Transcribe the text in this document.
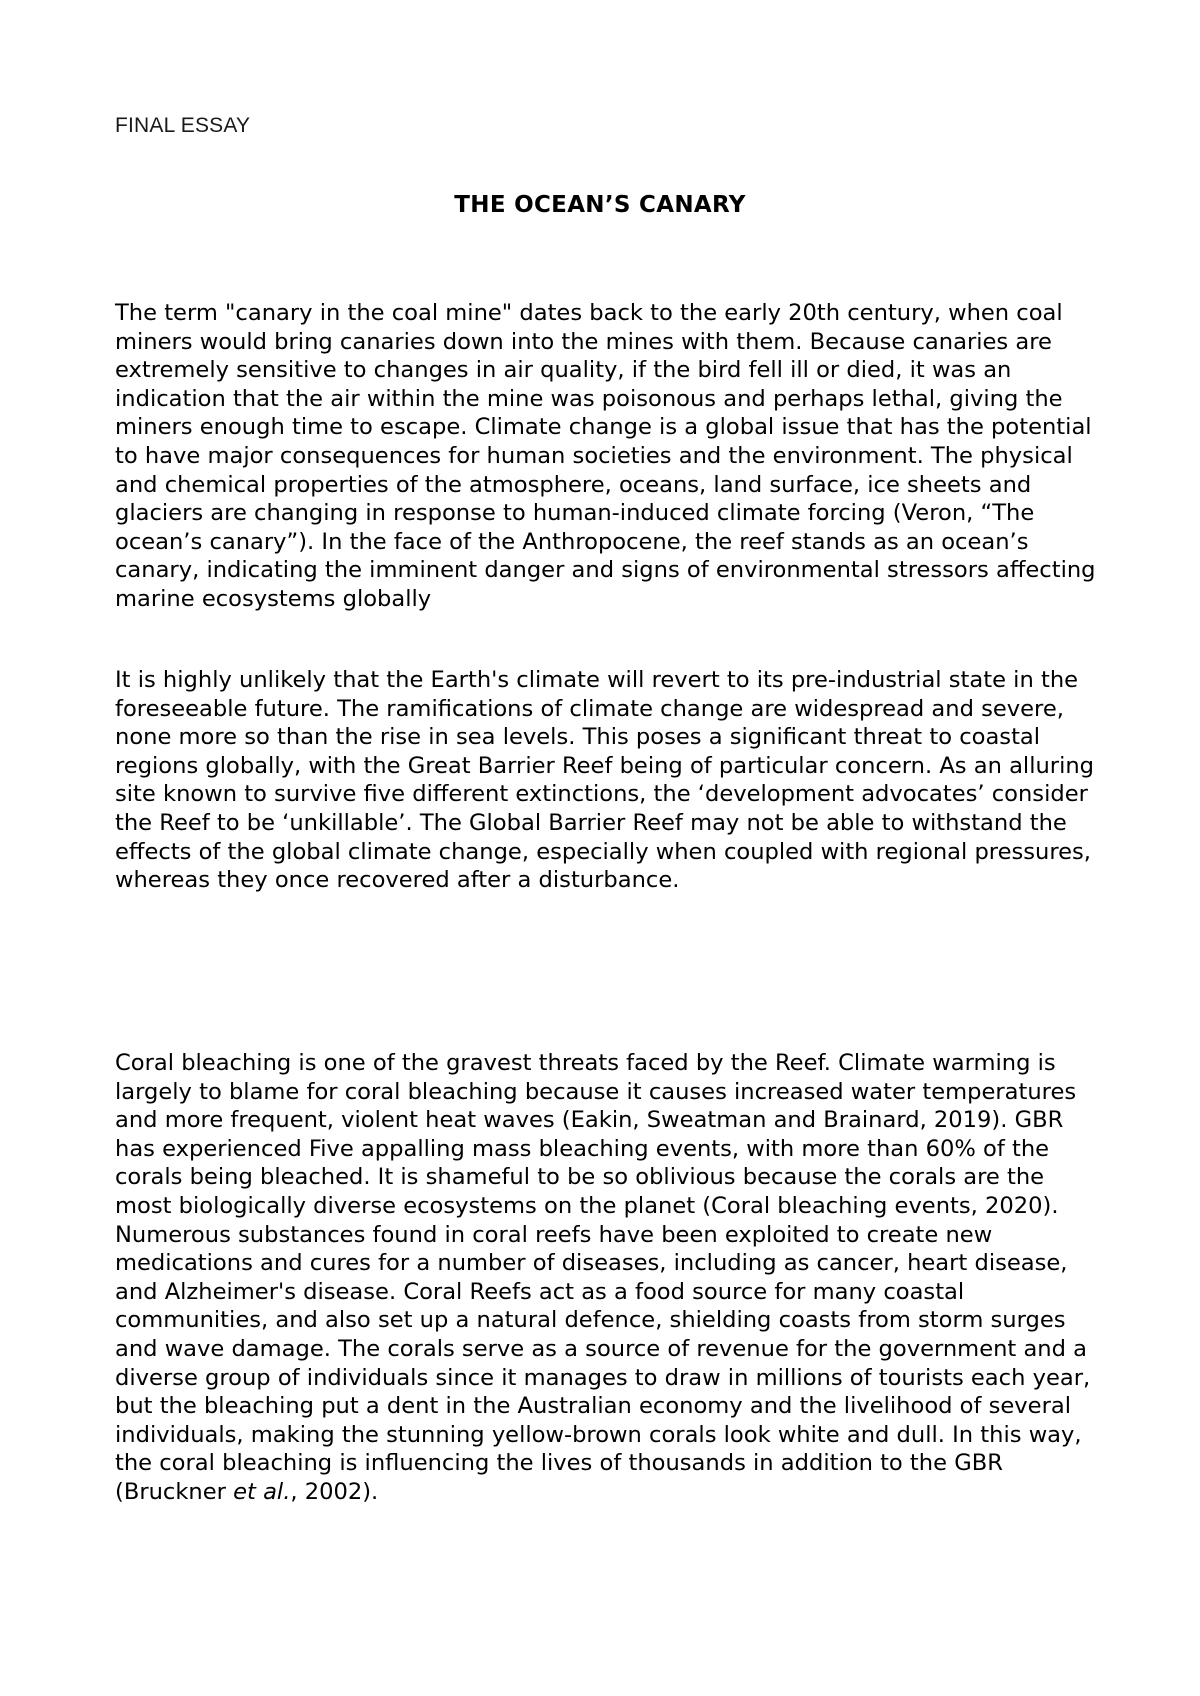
FINAL ESSAY

THE OCEAN’S CANARY

The term "canary in the coal mine" dates back to the early 20th century, when coal miners would bring canaries down into the mines with them. Because canaries are extremely sensitive to changes in air quality, if the bird fell ill or died, it was an indication that the air within the mine was poisonous and perhaps lethal, giving the miners enough time to escape. Climate change is a global issue that has the potential to have major consequences for human societies and the environment. The physical and chemical properties of the atmosphere, oceans, land surface, ice sheets and glaciers are changing in response to human-induced climate forcing (Veron, “The ocean’s canary”). In the face of the Anthropocene, the reef stands as an ocean’s canary, indicating the imminent danger and signs of environmental stressors affecting marine ecosystems globally

It is highly unlikely that the Earth's climate will revert to its pre-industrial state in the foreseeable future. The ramifications of climate change are widespread and severe, none more so than the rise in sea levels. This poses a significant threat to coastal regions globally, with the Great Barrier Reef being of particular concern. As an alluring site known to survive five different extinctions, the ‘development advocates’ consider the Reef to be ‘unkillable’. The Global Barrier Reef may not be able to withstand the effects of the global climate change, especially when coupled with regional pressures, whereas they once recovered after a disturbance.

Coral bleaching is one of the gravest threats faced by the Reef. Climate warming is largely to blame for coral bleaching because it causes increased water temperatures and more frequent, violent heat waves (Eakin, Sweatman and Brainard, 2019). GBR has experienced Five appalling mass bleaching events, with more than 60% of the corals being bleached. It is shameful to be so oblivious because the corals are the most biologically diverse ecosystems on the planet (Coral bleaching events, 2020). Numerous substances found in coral reefs have been exploited to create new medications and cures for a number of diseases, including as cancer, heart disease, and Alzheimer's disease. Coral Reefs act as a food source for many coastal communities, and also set up a natural defence, shielding coasts from storm surges and wave damage. The corals serve as a source of revenue for the government and a diverse group of individuals since it manages to draw in millions of tourists each year, but the bleaching put a dent in the Australian economy and the livelihood of several individuals, making the stunning yellow-brown corals look white and dull. In this way, the coral bleaching is influencing the lives of thousands in addition to the GBR (Bruckner et al., 2002).
